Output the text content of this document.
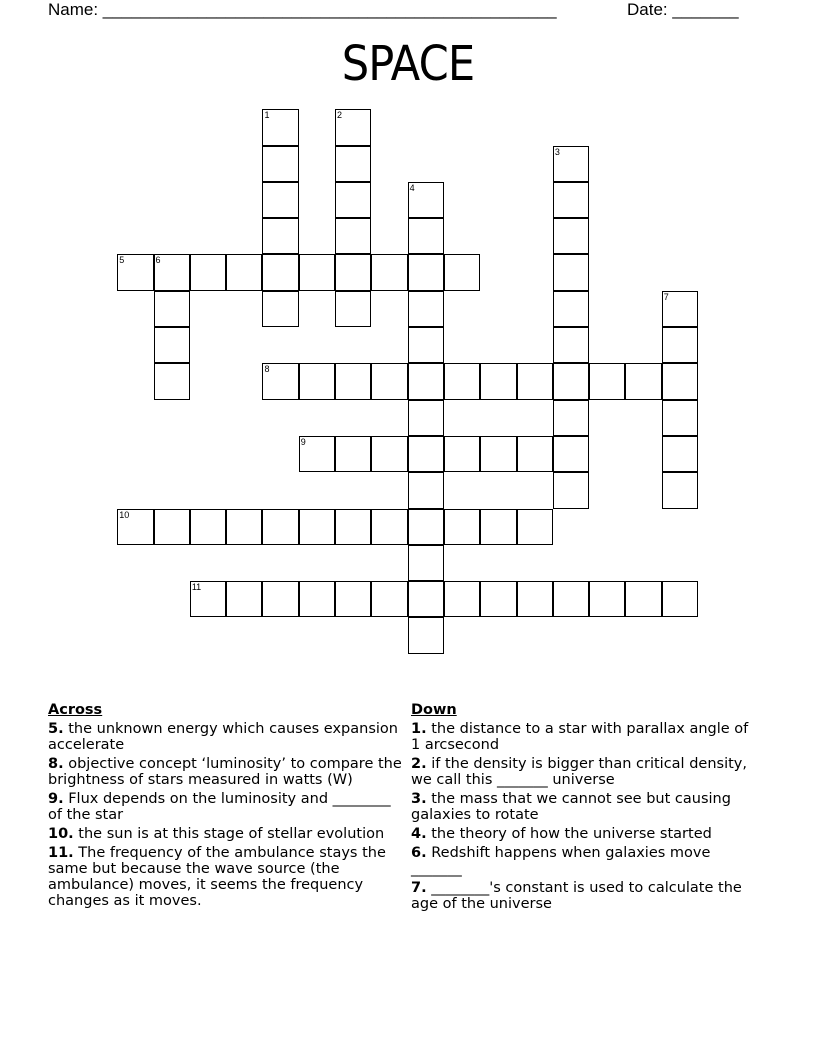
Name: ________________________________________________	Date: _______
SPACE
5	6
8
9
10
11
1	2
3
4
7
Across
5. the unknown energy which causes expansion accelerate
8. objective concept ‘luminosity’ to compare the brightness of stars measured in watts (W)
9. Flux depends on the luminosity and ________ of the star
10. the sun is at this stage of stellar evolution
11. The frequency of the ambulance stays the same but because the wave source (the ambulance) moves, it seems the frequency changes as it moves.
Down
1. the distance to a star with parallax angle of 1 arcsecond
2. if the density is bigger than critical density, we call this _______ universe
3. the mass that we cannot see but causing galaxies to rotate
4. the theory of how the universe started
6. Redshift happens when galaxies move _______
7. ________'s constant is used to calculate the age of the universe
